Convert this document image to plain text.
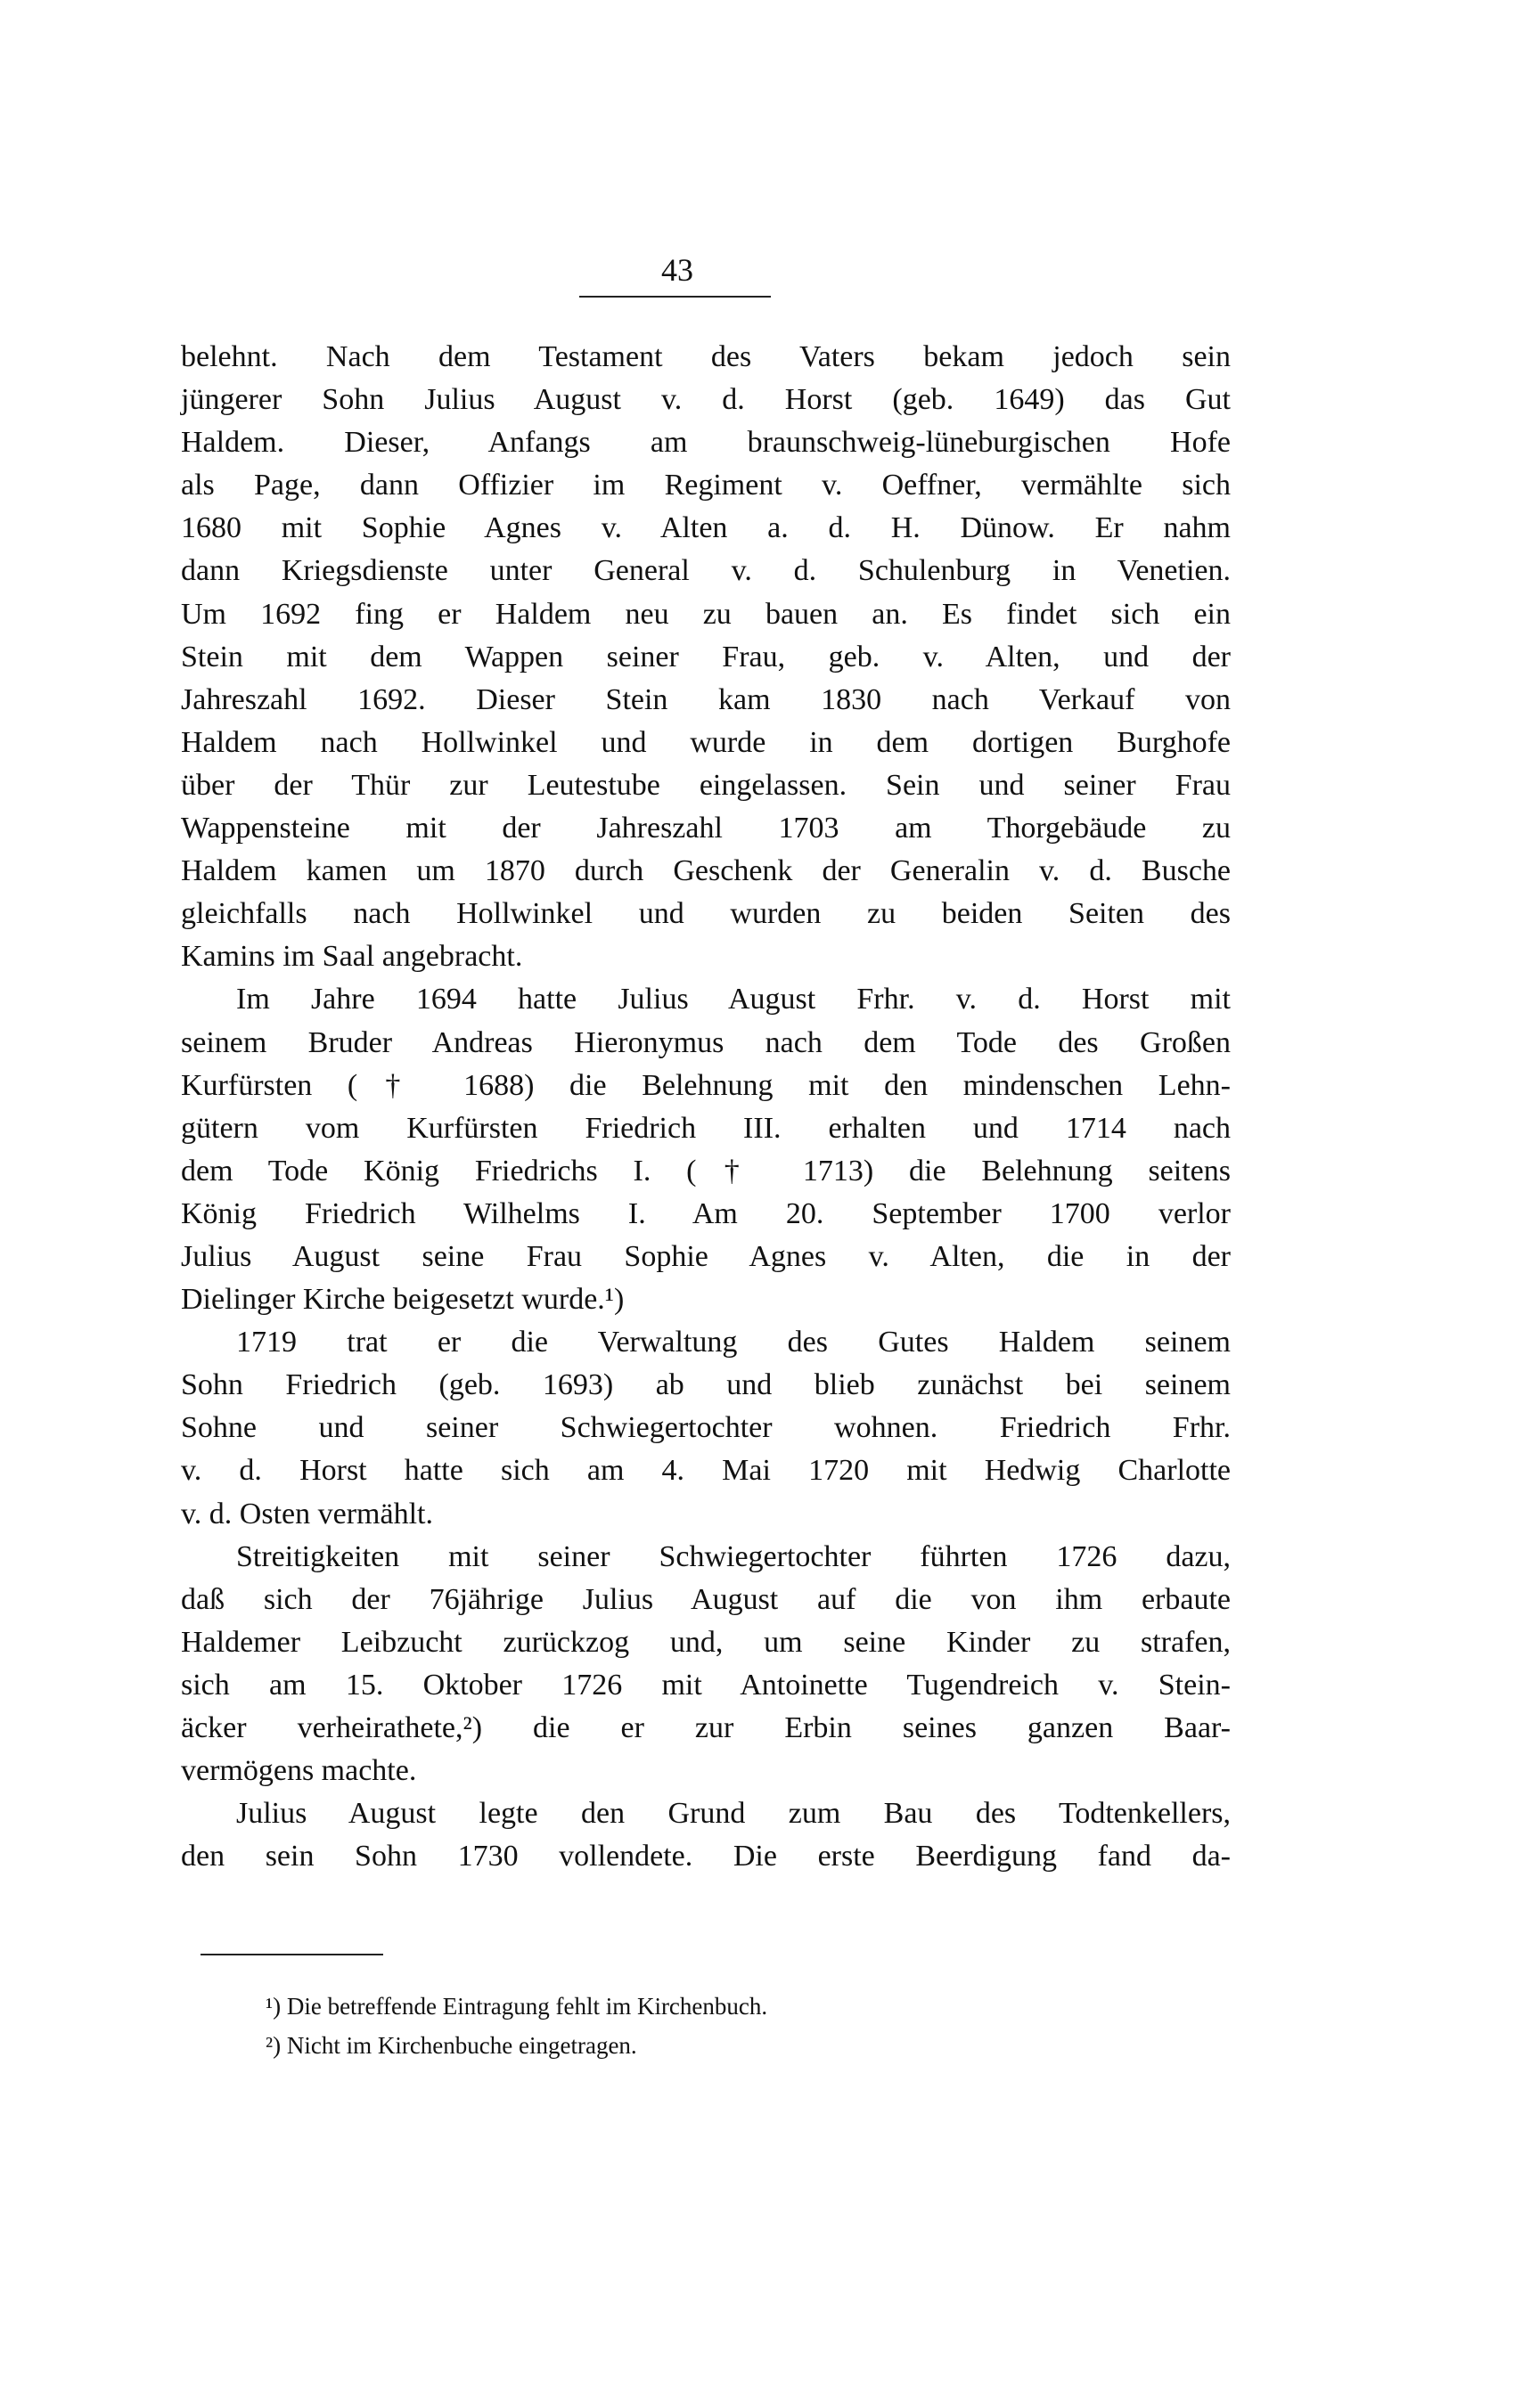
43
belehnt. Nach dem Testament des Vaters bekam jedoch sein
jüngerer Sohn Julius August v. d. Horst (geb. 1649) das Gut
Haldem. Dieser, Anfangs am braunschweig-lüneburgischen Hofe
als Page, dann Offizier im Regiment v. Oeffner, vermählte sich
1680 mit Sophie Agnes v. Alten a. d. H. Dünow. Er nahm
dann Kriegsdienste unter General v. d. Schulenburg in Venetien.
Um 1692 fing er Haldem neu zu bauen an. Es findet sich ein
Stein mit dem Wappen seiner Frau, geb. v. Alten, und der
Jahreszahl 1692. Dieser Stein kam 1830 nach Verkauf von
Haldem nach Hollwinkel und wurde in dem dortigen Burghofe
über der Thür zur Leutestube eingelassen. Sein und seiner Frau
Wappensteine mit der Jahreszahl 1703 am Thorgebäude zu
Haldem kamen um 1870 durch Geschenk der Generalin v. d. Busche
gleichfalls nach Hollwinkel und wurden zu beiden Seiten des
Kamins im Saal angebracht.
Im Jahre 1694 hatte Julius August Frhr. v. d. Horst mit
seinem Bruder Andreas Hieronymus nach dem Tode des Großen
Kurfürsten († 1688) die Belehnung mit den mindenschen Lehn-
gütern vom Kurfürsten Friedrich III. erhalten und 1714 nach
dem Tode König Friedrichs I. († 1713) die Belehnung seitens
König Friedrich Wilhelms I. Am 20. September 1700 verlor
Julius August seine Frau Sophie Agnes v. Alten, die in der
Dielinger Kirche beigesetzt wurde.¹)
1719 trat er die Verwaltung des Gutes Haldem seinem
Sohn Friedrich (geb. 1693) ab und blieb zunächst bei seinem
Sohne und seiner Schwiegertochter wohnen. Friedrich Frhr.
v. d. Horst hatte sich am 4. Mai 1720 mit Hedwig Charlotte
v. d. Osten vermählt.
Streitigkeiten mit seiner Schwiegertochter führten 1726 dazu,
daß sich der 76jährige Julius August auf die von ihm erbaute
Haldemer Leibzucht zurückzog und, um seine Kinder zu strafen,
sich am 15. Oktober 1726 mit Antoinette Tugendreich v. Stein-
äcker verheirathete,²) die er zur Erbin seines ganzen Baar-
vermögens machte.
Julius August legte den Grund zum Bau des Todtenkellers,
den sein Sohn 1730 vollendete. Die erste Beerdigung fand da-
¹) Die betreffende Eintragung fehlt im Kirchenbuch.
²) Nicht im Kirchenbuche eingetragen.
